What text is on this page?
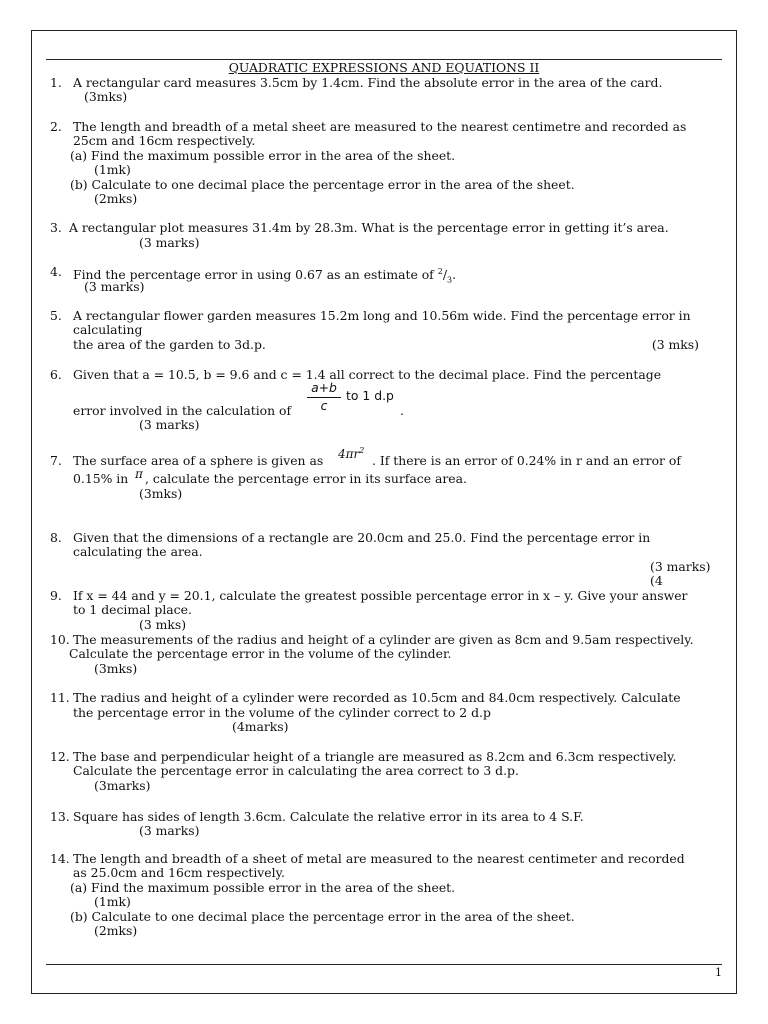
QUADRATIC EXPRESSIONS AND EQUATIONS II
1. A rectangular card measures 3.5cm by 1.4cm. Find the absolute error in the area of the card.
(3mks)
2. The length and breadth of a metal sheet are measured to the nearest centimetre and recorded as
25cm and 16cm respectively.
(a) Find the maximum possible error in the area of the sheet.
(1mk)
(b) Calculate to one decimal place the percentage error in the area of the sheet.
(2mks)
3. A rectangular plot measures 31.4m by 28.3m. What is the percentage error in getting it’s area.
(3 marks)
4. Find the percentage error in using 0.67 as an estimate of $^2/_3$.
(3 marks)
5. A rectangular flower garden measures 15.2m long and 10.56m wide. Find the percentage error in
calculating
the area of the garden to 3d.p.	(3 mks)
6. Given that a = 10.5, b = 9.6 and c = 1.4 all correct to the decimal place. Find the percentage
error involved in the calculation of
a+b
c
to 1 d.p
.
(3 marks)
7. The surface area of a sphere is given as $4\pi r^2$
. If there is an error of 0.24% in r and an error of
0.15% in π , calculate the percentage error in its surface area.
(3mks)
8. Given that the dimensions of a rectangle are 20.0cm and 25.0. Find the percentage error in
calculating the area.
(3 marks)
(4
9. If x = 44 and y = 20.1, calculate the greatest possible percentage error in x – y. Give your answer
to 1 decimal place.
(3 mks)
10. The measurements of the radius and height of a cylinder are given as 8cm and 9.5am respectively.
Calculate the percentage error in the volume of the cylinder.
(3mks)
11. The radius and height of a cylinder were recorded as 10.5cm and 84.0cm respectively. Calculate
the percentage error in the volume of the cylinder correct to 2 d.p
(4marks)
12. The base and perpendicular height of a triangle are measured as 8.2cm and 6.3cm respectively.
Calculate the percentage error in calculating the area correct to 3 d.p.
(3marks)
13. Square has sides of length 3.6cm. Calculate the relative error in its area to 4 S.F.
(3 marks)
14. The length and breadth of a sheet of metal are measured to the nearest centimeter and recorded
as 25.0cm and 16cm respectively.
(a) Find the maximum possible error in the area of the sheet.
(1mk)
(b) Calculate to one decimal place the percentage error in the area of the sheet.
(2mks)
1
